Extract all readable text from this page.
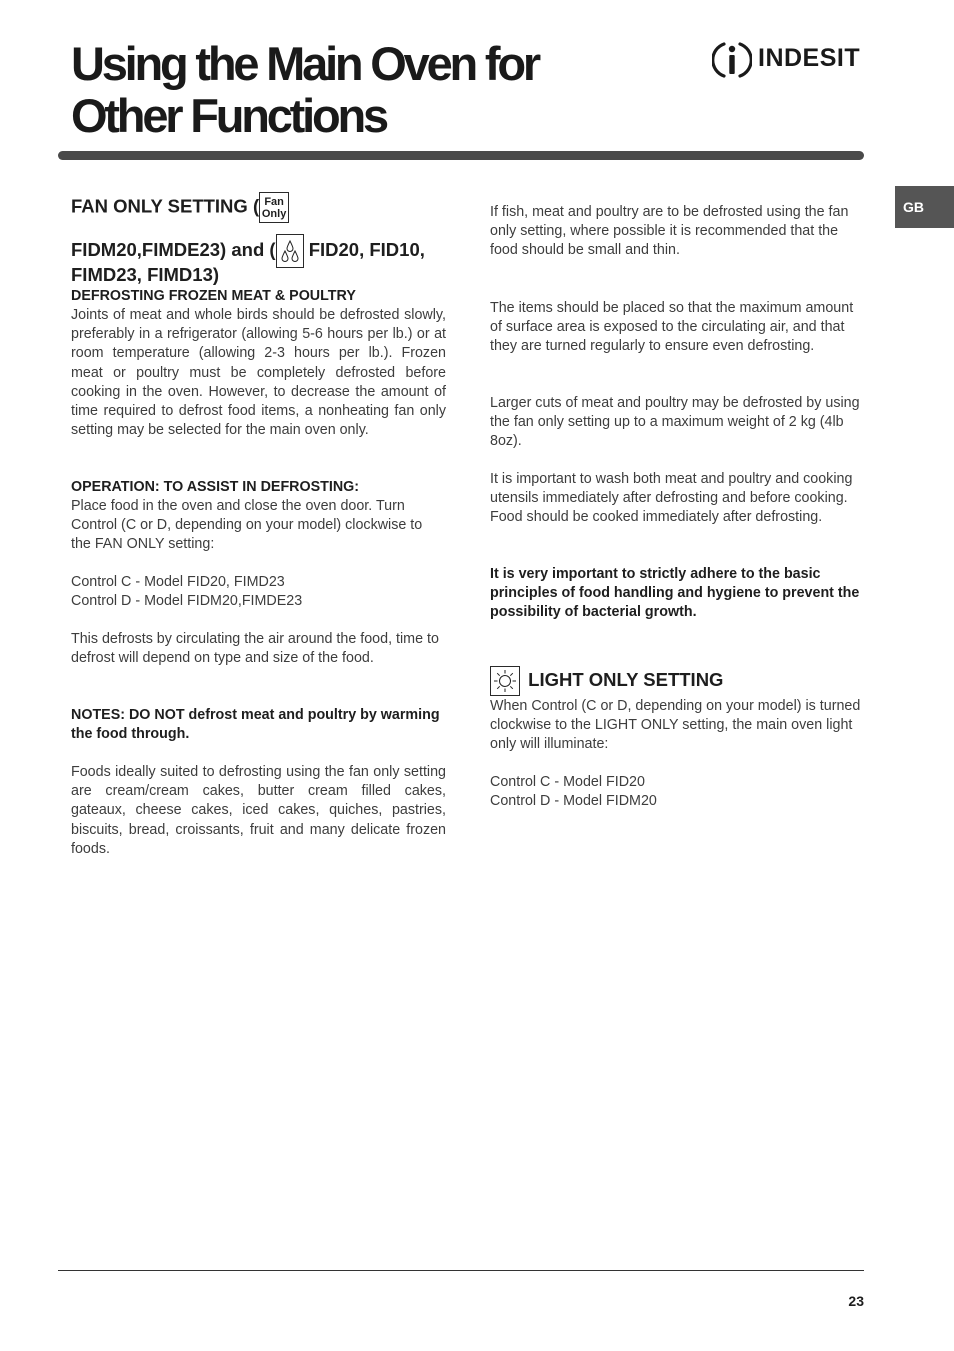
Using the Main Oven for
Other Functions
INDESIT
GB
FAN ONLY SETTING ( Fan
Only
FIDM20,FIMDE23) and ( FID20, FID10,
FIMD23, FIMD13)

DEFROSTING FROZEN MEAT & POULTRY

Joints of meat and whole birds should be defrosted slowly, preferably in a refrigerator (allowing 5-6 hours per lb.) or at room temperature (allowing 2-3 hours per lb.). Frozen meat or poultry must be completely defrosted before cooking in the oven. However, to decrease the amount of time required to defrost food items, a nonheating fan only setting may be selected for the main oven only.

OPERATION: TO ASSIST IN DEFROSTING:

Place food in the oven and close the oven door. Turn Control (C or D, depending on your model) clockwise to the FAN ONLY setting:

Control C - Model FID20, FIMD23

Control D - Model FIDM20,FIMDE23

This defrosts by circulating the air around the food, time to defrost will depend on type and size of the food.

NOTES: DO NOT defrost meat and poultry by warming the food through.

Foods ideally suited to defrosting using the fan only setting are cream/cream cakes, butter cream filled cakes, gateaux, cheese cakes, iced cakes, quiches, pastries, biscuits, bread, croissants, fruit and many delicate frozen foods.

If fish, meat and poultry are to be defrosted using the fan only setting, where possible it is recommended that the food should be small and thin.

The items should be placed so that the maximum amount of surface area is exposed to the circulating air, and that they are turned regularly to ensure even defrosting.

Larger cuts of meat and poultry may be defrosted by using the fan only setting up to a maximum weight of 2 kg (4lb 8oz).

It is important to wash both meat and poultry and cooking utensils immediately after defrosting and before cooking. Food should be cooked immediately after defrosting.

It is very important to strictly adhere to the basic principles of food handling and hygiene to prevent the possibility of bacterial growth.

LIGHT ONLY SETTING

When Control (C or D, depending on your model) is turned clockwise to the LIGHT ONLY setting, the main oven light only will illuminate:

Control C - Model FID20

Control D - Model FIDM20

23
